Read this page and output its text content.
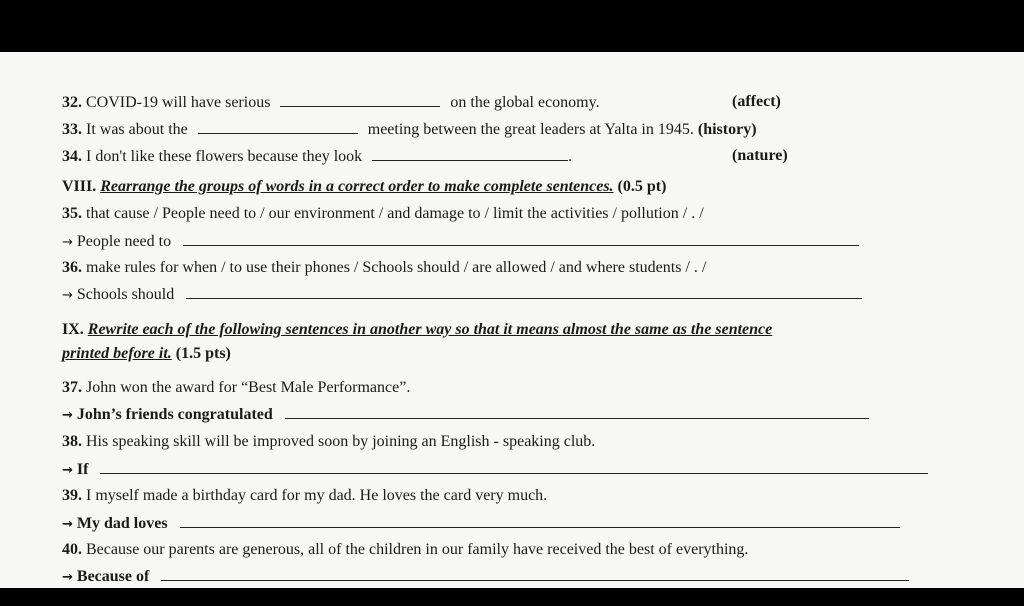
32. COVID-19 will have serious	on the global economy.	(affect)
33. It was about the	meeting between the great leaders at Yalta in 1945. (history)
34. I don't like these flowers because they look	.	(nature)
VIII. Rearrange the groups of words in a correct order to make complete sentences. (0.5 pt)
35. that cause / People need to / our environment / and damage to / limit the activities / pollution / . /
→ People need to
36. make rules for when / to use their phones / Schools should / are allowed / and where students / . /
→ Schools should
IX. Rewrite each of the following sentences in another way so that it means almost the same as the sentence
printed before it. (1.5 pts)
37. John won the award for “Best Male Performance”.
→ John’s friends congratulated
38. His speaking skill will be improved soon by joining an English - speaking club.
→ If
39. I myself made a birthday card for my dad. He loves the card very much.
→ My dad loves
40. Because our parents are generous, all of the children in our family have received the best of everything.
→ Because of
